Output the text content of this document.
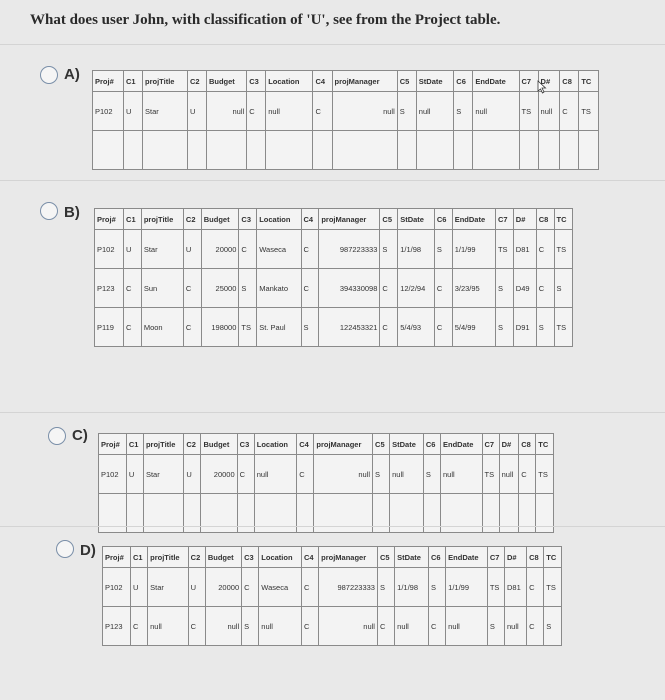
What does user John, with classification of 'U', see from the Project table.
A) Proj#	C1	projTitle	C2	Budget	C3	Location	C4	projManager	C5	StDate	C6	EndDate	C7	D#	C8	TC
P102	U	Star	U	null	C	null	C	null	S	null	S	null	TS	null	C	TS

B) Proj#	C1	projTitle	C2	Budget	C3	Location	C4	projManager	C5	StDate	C6	EndDate	C7	D#	C8	TC
P102	U	Star	U	20000	C	Waseca	C	987223333	S	1/1/98	S	1/1/99	TS	D81	C	TS
P123	C	Sun	C	25000	S	Mankato	C	394330098	C	12/2/94	C	3/23/95	S	D49	C	S
P119	C	Moon	C	198000	TS	St. Paul	S	122453321	C	5/4/93	C	5/4/99	S	D91	S	TS
C) Proj#	C1	projTitle	C2	Budget	C3	Location	C4	projManager	C5	StDate	C6	EndDate	C7	D#	C8	TC
P102	U	Star	U	20000	C	null	C	null	S	null	S	null	TS	null	C	TS

D) Proj#	C1	projTitle	C2	Budget	C3	Location	C4	projManager	C5	StDate	C6	EndDate	C7	D#	C8	TC
P102	U	Star	U	20000	C	Waseca	C	987223333	S	1/1/98	S	1/1/99	TS	D81	C	TS
P123	C	null	C	null	S	null	C	null	C	null	C	null	S	null	C	S
